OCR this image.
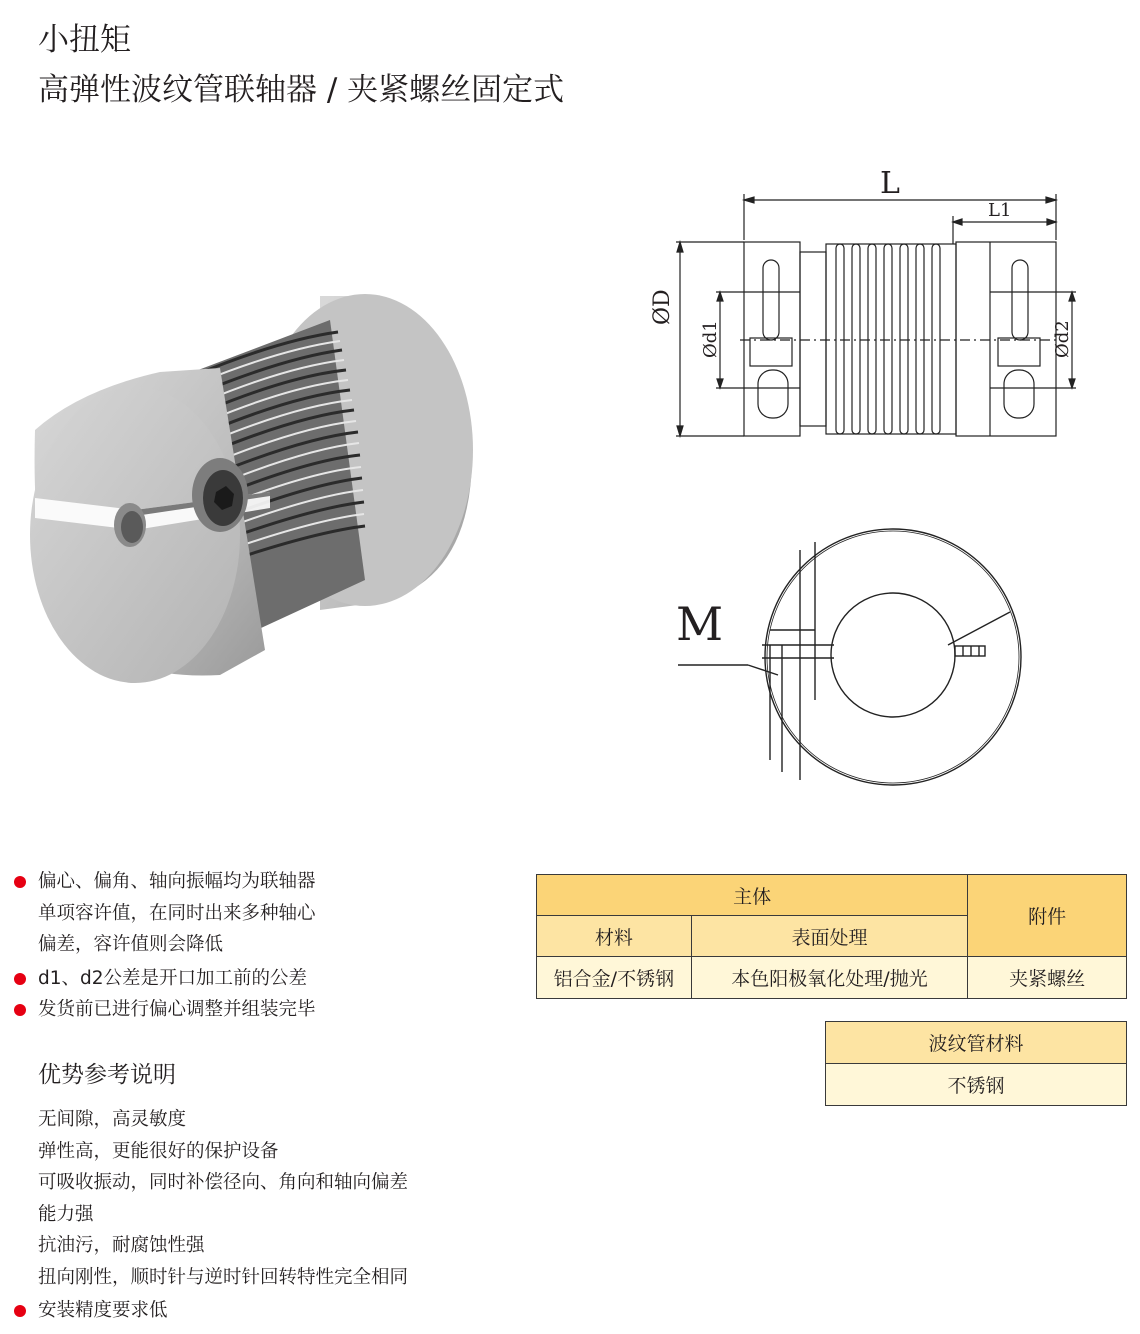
小扭矩
高弹性波纹管联轴器 / 夹紧螺丝固定式
L
L1
ØD
Ød1	Ød2
M
偏心、偏角、轴向振幅均为联轴器
单项容许值，在同时出来多种轴心
偏差，容许值则会降低
d1、d2公差是开口加工前的公差
发货前已进行偏心调整并组装完毕
优势参考说明
无间隙，高灵敏度
弹性高，更能很好的保护设备
可吸收振动，同时补偿径向、角向和轴向偏差
能力强
抗油污，耐腐蚀性强
扭向刚性，顺时针与逆时针回转特性完全相同
安装精度要求低
主体		附件
材料	表面处理	
铝合金/不锈钢	本色阳极氧化处理/抛光	夹紧螺丝
波纹管材料
不锈钢
